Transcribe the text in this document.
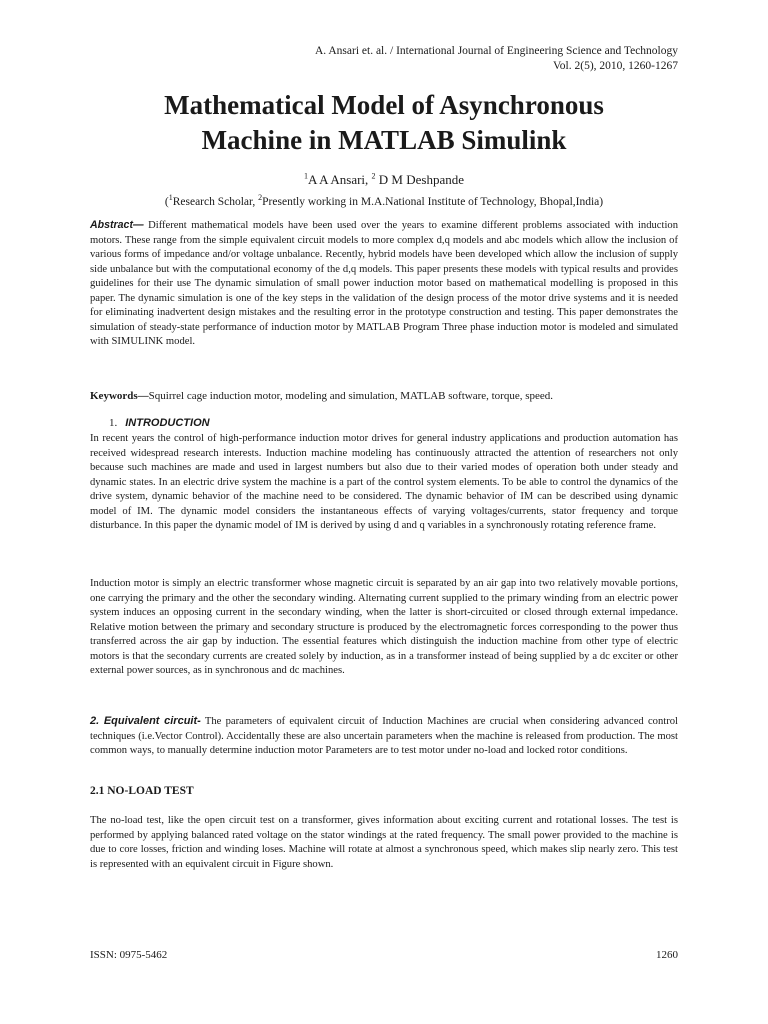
A. Ansari et. al. / International Journal of Engineering Science and Technology
Vol. 2(5), 2010, 1260-1267
Mathematical Model of Asynchronous
Machine in MATLAB Simulink
$^1$A A Ansari, $^2$ D M Deshpande
($^1$Research Scholar, $^2$Presently working in M.A.National Institute of Technology, Bhopal,India)

Abstract— Different mathematical models have been used over the years to examine different problems associated with induction motors. These range from the simple equivalent circuit models to more complex d,q models and abc models which allow the inclusion of various forms of impedance and/or voltage unbalance. Recently, hybrid models have been developed which allow the inclusion of supply side unbalance but with the computational economy of the d,q models. This paper presents these models with typical results and provides guidelines for their use The dynamic simulation of small power induction motor based on mathematical modelling is proposed in this paper. The dynamic simulation is one of the key steps in the validation of the design process of the motor drive systems and it is needed for eliminating inadvertent design mistakes and the resulting error in the prototype construction and testing. This paper demonstrates the simulation of steady-state performance of induction motor by MATLAB Program Three phase induction motor is modeled and simulated with SIMULINK model.

Keywords—Squirrel cage induction motor, modeling and simulation, MATLAB software, torque, speed.

1. INTRODUCTION

In recent years the control of high-performance induction motor drives for general industry applications and production automation has received widespread research interests. Induction machine modeling has continuously attracted the attention of researchers not only because such machines are made and used in largest numbers but also due to their varied modes of operation both under steady and dynamic states. In an electric drive system the machine is a part of the control system elements. To be able to control the dynamics of the drive system, dynamic behavior of the machine need to be considered. The dynamic behavior of IM can be described using dynamic model of IM. The dynamic model considers the instantaneous effects of varying voltages/currents, stator frequency and torque disturbance. In this paper the dynamic model of IM is derived by using d and q variables in a synchronously rotating reference frame.

Induction motor is simply an electric transformer whose magnetic circuit is separated by an air gap into two relatively movable portions, one carrying the primary and the other the secondary winding. Alternating current supplied to the primary winding from an electric power system induces an opposing current in the secondary winding, when the latter is short-circuited or closed through external impedance. Relative motion between the primary and secondary structure is produced by the electromagnetic forces corresponding to the power thus transferred across the air gap by induction. The essential features which distinguish the induction machine from other type of electric motors is that the secondary currents are created solely by induction, as in a transformer instead of being supplied by a dc exciter or other external power sources, as in synchronous and dc machines.

2. Equivalent circuit- The parameters of equivalent circuit of Induction Machines are crucial when considering advanced control techniques (i.e.Vector Control). Accidentally these are also uncertain parameters when the machine is released from production. The most common ways, to manually determine induction motor Parameters are to test motor under no-load and locked rotor conditions.

2.1 NO-LOAD TEST

The no-load test, like the open circuit test on a transformer, gives information about exciting current and rotational losses. The test is performed by applying balanced rated voltage on the stator windings at the rated frequency. The small power provided to the machine is due to core losses, friction and winding loses. Machine will rotate at almost a synchronous speed, which makes slip nearly zero. This test is represented with an equivalent circuit in Figure shown.

ISSN: 0975-5462	1260
